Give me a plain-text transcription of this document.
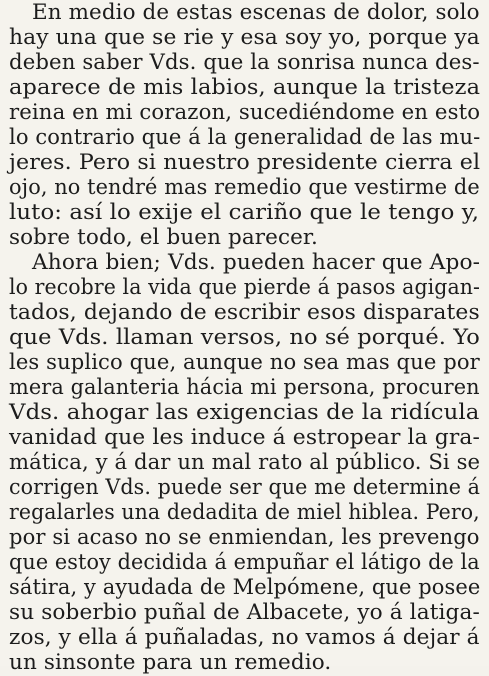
En medio de estas escenas de dolor, solo
hay una que se rie y esa soy yo, porque ya
deben saber Vds. que la sonrisa nunca des-
aparece de mis labios, aunque la tristeza
reina en mi corazon, sucediéndome en esto
lo contrario que á la generalidad de las mu-
jeres. Pero si nuestro presidente cierra el
ojo, no tendré mas remedio que vestirme de
luto: así lo exije el cariño que le tengo y,
sobre todo, el buen parecer.
Ahora bien; Vds. pueden hacer que Apo-
lo recobre la vida que pierde á pasos agigan-
tados, dejando de escribir esos disparates
que Vds. llaman versos, no sé porqué. Yo
les suplico que, aunque no sea mas que por
mera galanteria hácia mi persona, procuren
Vds. ahogar las exigencias de la ridícula
vanidad que les induce á estropear la gra-
mática, y á dar un mal rato al público. Si se
corrigen Vds. puede ser que me determine á
regalarles una dedadita de miel hiblea. Pero,
por si acaso no se enmiendan, les prevengo
que estoy decidida á empuñar el látigo de la
sátira, y ayudada de Melpómene, que posee
su soberbio puñal de Albacete, yo á latiga-
zos, y ella á puñaladas, no vamos á dejar á
un sinsonte para un remedio.
